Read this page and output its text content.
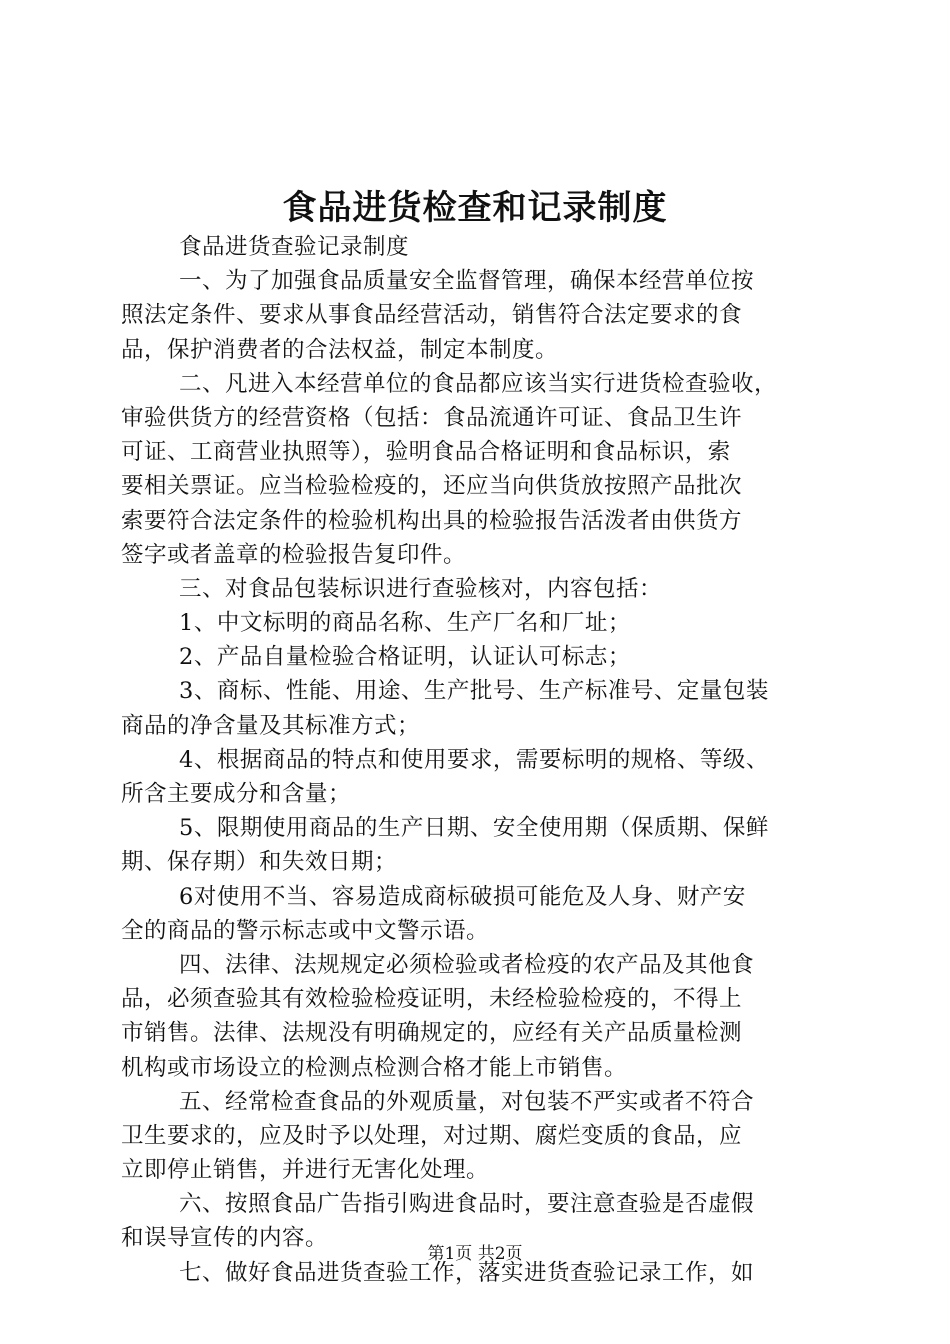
食品进货检查和记录制度
食品进货查验记录制度
一、为了加强食品质量安全监督管理，确保本经营单位按
照法定条件、要求从事食品经营活动，销售符合法定要求的食
品，保护消费者的合法权益，制定本制度。
二、凡进入本经营单位的食品都应该当实行进货检查验收，
审验供货方的经营资格（包括：食品流通许可证、食品卫生许
可证、工商营业执照等），验明食品合格证明和食品标识，索
要相关票证。应当检验检疫的，还应当向供货放按照产品批次
索要符合法定条件的检验机构出具的检验报告活泼者由供货方
签字或者盖章的检验报告复印件。
三、对食品包装标识进行查验核对，内容包括：
1、中文标明的商品名称、生产厂名和厂址；
2、产品自量检验合格证明，认证认可标志；
3、商标、性能、用途、生产批号、生产标准号、定量包装
商品的净含量及其标准方式；
4、根据商品的特点和使用要求，需要标明的规格、等级、
所含主要成分和含量；
5、限期使用商品的生产日期、安全使用期（保质期、保鲜
期、保存期）和失效日期；
6对使用不当、容易造成商标破损可能危及人身、财产安
全的商品的警示标志或中文警示语。
四、法律、法规规定必须检验或者检疫的农产品及其他食
品，必须查验其有效检验检疫证明，未经检验检疫的，不得上
市销售。法律、法规没有明确规定的，应经有关产品质量检测
机构或市场设立的检测点检测合格才能上市销售。
五、经常检查食品的外观质量，对包装不严实或者不符合
卫生要求的，应及时予以处理，对过期、腐烂变质的食品，应
立即停止销售，并进行无害化处理。
六、按照食品广告指引购进食品时，要注意查验是否虚假
和误导宣传的内容。
七、做好食品进货查验工作，落实进货查验记录工作，如
第1页 共2页
